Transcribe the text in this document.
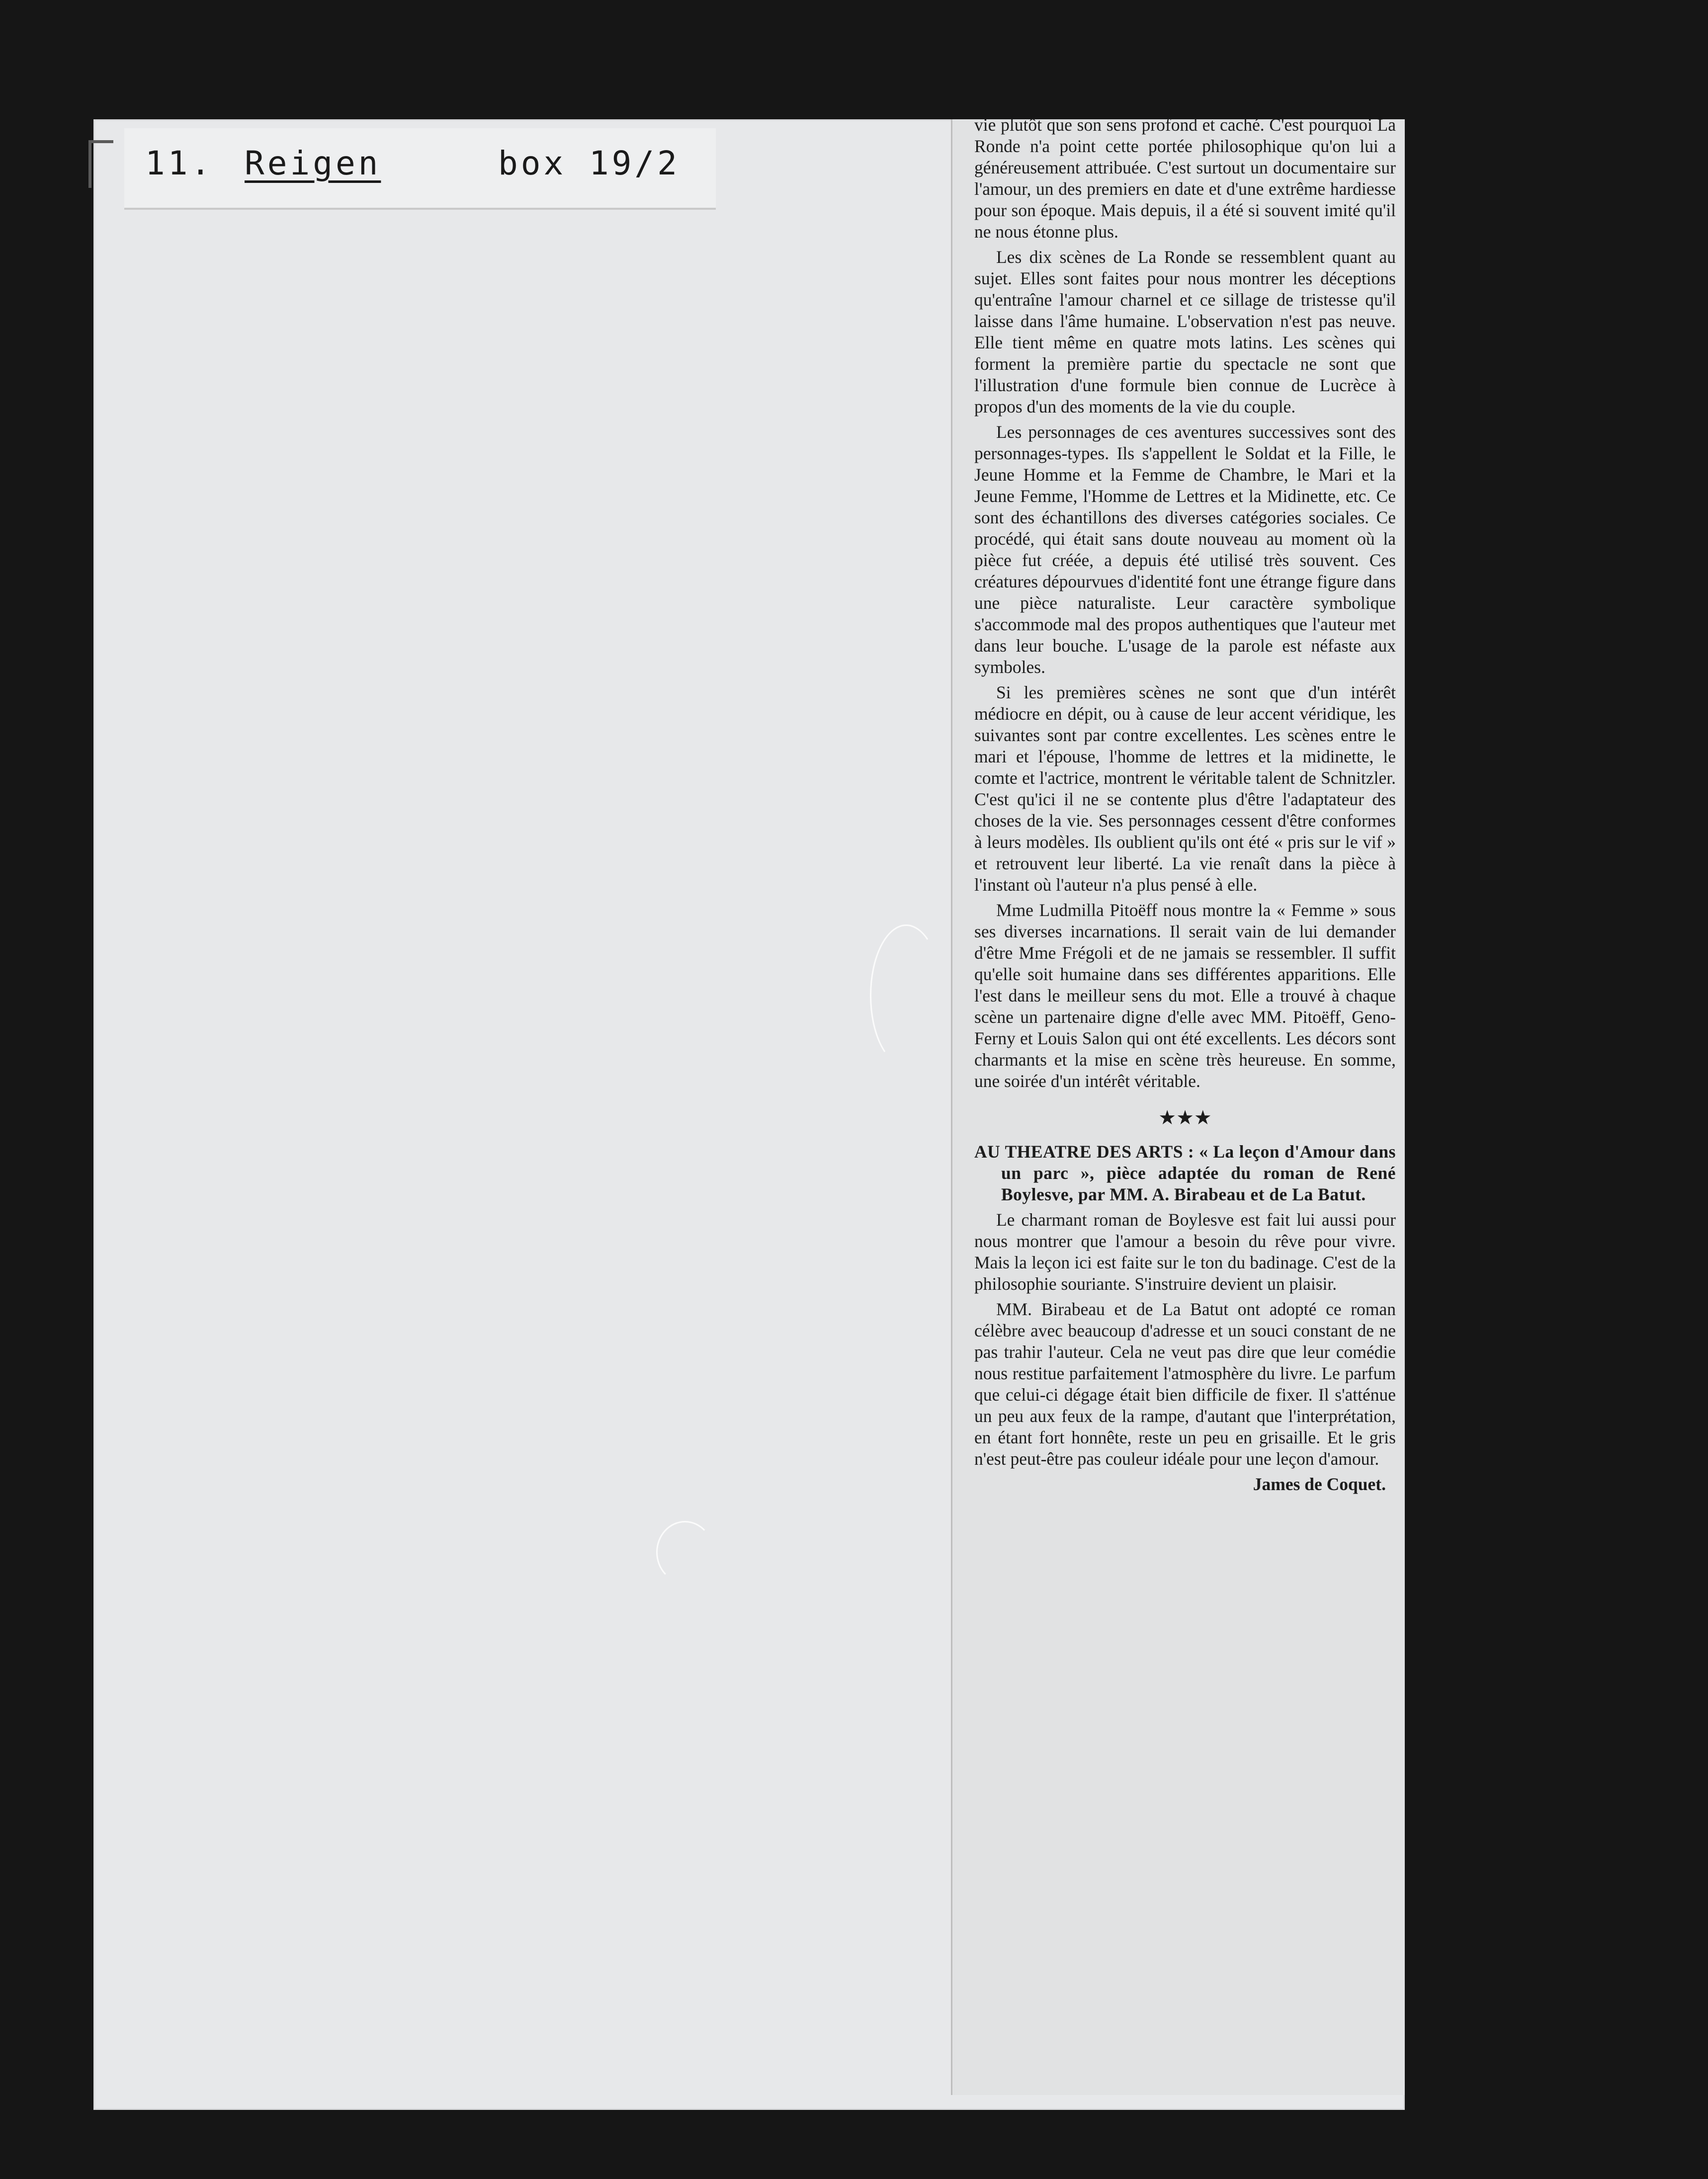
11. Reigen	box 19/2

vie plutôt que son sens profond et caché. C'est pourquoi La Ronde n'a point cette portée philosophique qu'on lui a généreusement attribuée. C'est surtout un documentaire sur l'amour, un des premiers en date et d'une extrême hardiesse pour son époque. Mais depuis, il a été si souvent imité qu'il ne nous étonne plus.

Les dix scènes de La Ronde se ressemblent quant au sujet. Elles sont faites pour nous montrer les déceptions qu'entraîne l'amour charnel et ce sillage de tristesse qu'il laisse dans l'âme humaine. L'observation n'est pas neuve. Elle tient même en quatre mots latins. Les scènes qui forment la première partie du spectacle ne sont que l'illustration d'une formule bien connue de Lucrèce à propos d'un des moments de la vie du couple.

Les personnages de ces aventures successives sont des personnages-types. Ils s'appellent le Soldat et la Fille, le Jeune Homme et la Femme de Chambre, le Mari et la Jeune Femme, l'Homme de Lettres et la Midinette, etc. Ce sont des échantillons des diverses catégories sociales. Ce procédé, qui était sans doute nouveau au moment où la pièce fut créée, a depuis été utilisé très souvent. Ces créatures dépourvues d'identité font une étrange figure dans une pièce naturaliste. Leur caractère symbolique s'accommode mal des propos authentiques que l'auteur met dans leur bouche. L'usage de la parole est néfaste aux symboles.

Si les premières scènes ne sont que d'un intérêt médiocre en dépit, ou à cause de leur accent véridique, les suivantes sont par contre excellentes. Les scènes entre le mari et l'épouse, l'homme de lettres et la midinette, le comte et l'actrice, montrent le véritable talent de Schnitzler. C'est qu'ici il ne se contente plus d'être l'adaptateur des choses de la vie. Ses personnages cessent d'être conformes à leurs modèles. Ils oublient qu'ils ont été « pris sur le vif » et retrouvent leur liberté. La vie renaît dans la pièce à l'instant où l'auteur n'a plus pensé à elle.

Mme Ludmilla Pitoëff nous montre la « Femme » sous ses diverses incarnations. Il serait vain de lui demander d'être Mme Frégoli et de ne jamais se ressembler. Il suffit qu'elle soit humaine dans ses différentes apparitions. Elle l'est dans le meilleur sens du mot. Elle a trouvé à chaque scène un partenaire digne d'elle avec MM. Pitoëff, Geno-Ferny et Louis Salon qui ont été excellents. Les décors sont charmants et la mise en scène très heureuse. En somme, une soirée d'un intérêt véritable.

★★★

AU THEATRE DES ARTS : « La leçon d'Amour dans un parc », pièce adaptée du roman de René Boylesve, par MM. A. Birabeau et de La Batut.

Le charmant roman de Boylesve est fait lui aussi pour nous montrer que l'amour a besoin du rêve pour vivre. Mais la leçon ici est faite sur le ton du badinage. C'est de la philosophie souriante. S'instruire devient un plaisir.

MM. Birabeau et de La Batut ont adopté ce roman célèbre avec beaucoup d'adresse et un souci constant de ne pas trahir l'auteur. Cela ne veut pas dire que leur comédie nous restitue parfaitement l'atmosphère du livre. Le parfum que celui-ci dégage était bien difficile de fixer. Il s'atténue un peu aux feux de la rampe, d'autant que l'interprétation, en étant fort honnête, reste un peu en grisaille. Et le gris n'est peut-être pas couleur idéale pour une leçon d'amour.

James de Coquet.
